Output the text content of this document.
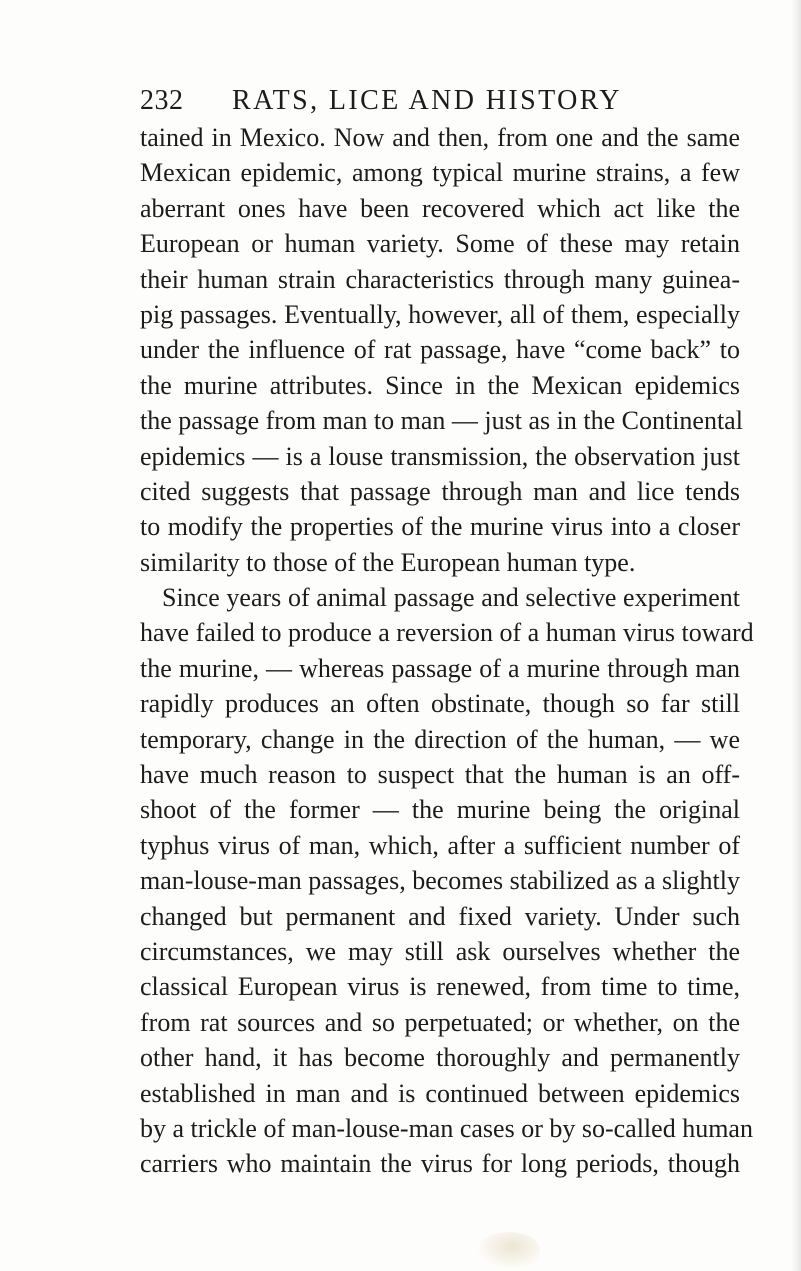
232 RATS, LICE AND HISTORY
tained in Mexico. Now and then, from one and the same
Mexican epidemic, among typical murine strains, a few
aberrant ones have been recovered which act like the
European or human variety. Some of these may retain
their human strain characteristics through many guinea-
pig passages. Eventually, however, all of them, especially
under the influence of rat passage, have “come back” to
the murine attributes. Since in the Mexican epidemics
the passage from man to man — just as in the Continental
epidemics — is a louse transmission, the observation just
cited suggests that passage through man and lice tends
to modify the properties of the murine virus into a closer
similarity to those of the European human type.
Since years of animal passage and selective experiment
have failed to produce a reversion of a human virus toward
the murine, — whereas passage of a murine through man
rapidly produces an often obstinate, though so far still
temporary, change in the direction of the human, — we
have much reason to suspect that the human is an off-
shoot of the former — the murine being the original
typhus virus of man, which, after a sufficient number of
man-louse-man passages, becomes stabilized as a slightly
changed but permanent and fixed variety. Under such
circumstances, we may still ask ourselves whether the
classical European virus is renewed, from time to time,
from rat sources and so perpetuated; or whether, on the
other hand, it has become thoroughly and permanently
established in man and is continued between epidemics
by a trickle of man-louse-man cases or by so-called human
carriers who maintain the virus for long periods, though
